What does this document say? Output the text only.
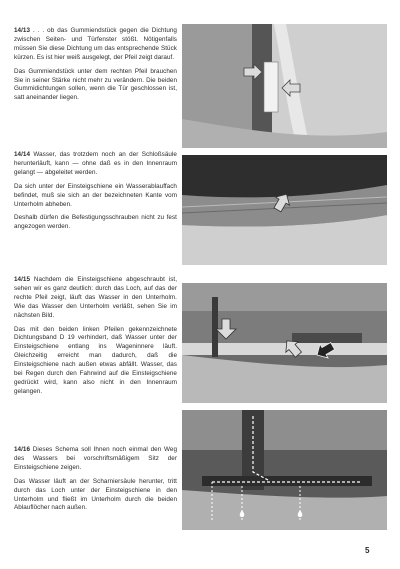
14/13 . . . ob das Gummiendstück gegen die Dichtung zwischen Seiten- und Türfenster stößt. Nötigenfalls müssen Sie diese Dichtung um das entsprechende Stück kürzen. Es ist hier weiß ausgelegt, der Pfeil zeigt darauf.

Das Gummiendstück unter dem rechten Pfeil brauchen Sie in seiner Stärke nicht mehr zu verändern. Die beiden Gummidichtungen sollen, wenn die Tür geschlossen ist, satt aneinander liegen.

14/14 Wasser, das trotzdem noch an der Schloßsäule herunterläuft, kann — ohne daß es in den Innenraum gelangt — abgeleitet werden.

Da sich unter der Einsteigschiene ein Wasserablauffach befindet, muß sie sich an der bezeichneten Kante vom Unterholm abheben.

Deshalb dürfen die Befestigungsschrauben nicht zu fest angezogen werden.

14/15 Nachdem die Einsteigschiene abgeschraubt ist, sehen wir es ganz deutlich: durch das Loch, auf das der rechte Pfeil zeigt, läuft das Wasser in den Unterholm. Wie das Wasser den Unterholm verläßt, sehen Sie im nächsten Bild.

Das mit den beiden linken Pfeilen gekennzeichnete Dichtungsband D 19 verhindert, daß Wasser unter der Einsteigschiene entlang ins Wageninnere läuft. Gleichzeitig erreicht man dadurch, daß die Einsteigschiene nach außen etwas abfällt. Wasser, das bei Regen durch den Fahrwind auf die Einsteigschiene gedrückt wird, kann also nicht in den Innenraum gelangen.

14/16 Dieses Schema soll Ihnen noch einmal den Weg des Wassers bei vorschriftsmäßigem Sitz der Einsteigschiene zeigen.

Das Wasser läuft an der Scharniersäule herunter, tritt durch das Loch unter der Einsteigschiene in den Unterholm und fließt im Unterholm durch die beiden Ablauflöcher nach außen.

5
